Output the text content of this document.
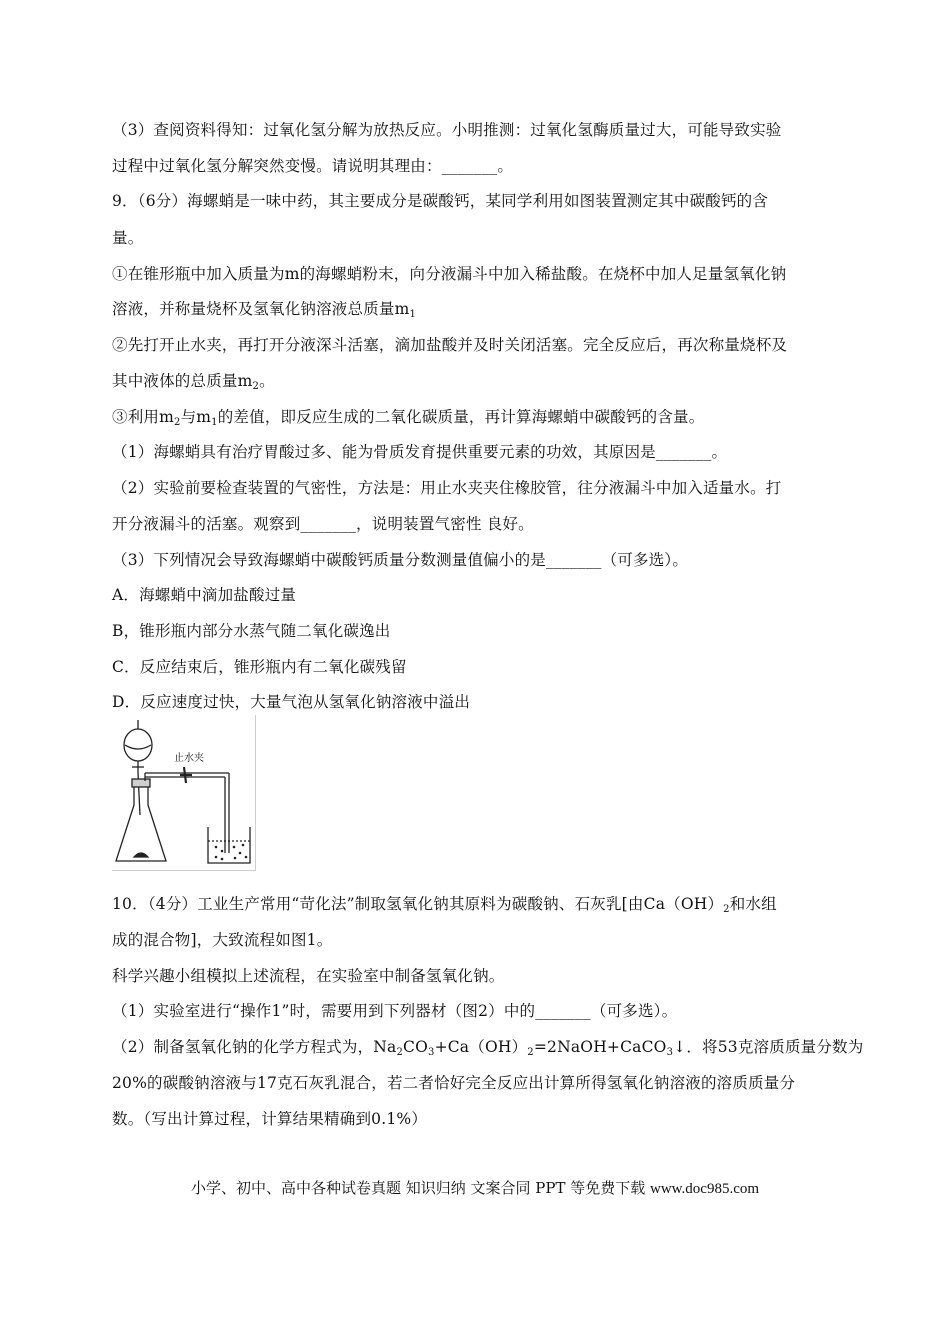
（3）查阅资料得知：过氧化氢分解为放热反应。小明推测：过氧化氢酶质量过大，可能导致实验
过程中过氧化氢分解突然变慢。请说明其理由：_______。
9．（6分）海螺蛸是一味中药，其主要成分是碳酸钙，某同学利用如图装置测定其中碳酸钙的含
量。
①在锥形瓶中加入质量为m的海螺蛸粉末，向分液漏斗中加入稀盐酸。在烧杯中加人足量氢氧化钠
溶液，并称量烧杯及氢氧化钠溶液总质量$m_1$
②先打开止水夹，再打开分液深斗活塞，滴加盐酸并及时关闭活塞。完全反应后，再次称量烧杯及
其中液体的总质量$m_2$。
③利用$m_2$与$m_1$的差值，即反应生成的二氧化碳质量，再计算海螺蛸中碳酸钙的含量。
（1）海螺蛸具有治疗胃酸过多、能为骨质发育提供重要元素的功效，其原因是_______。
（2）实验前要检查装置的气密性，方法是：用止水夹夹住橡胶管，往分液漏斗中加入适量水。打
开分液漏斗的活塞。观察到_______，说明装置气密性 良好。
（3）下列情况会导致海螺蛸中碳酸钙质量分数测量值偏小的是_______（可多选）。
A．海螺蛸中滴加盐酸过量
B，锥形瓶内部分水蒸气随二氧化碳逸出
C．反应结束后，锥形瓶内有二氧化碳残留
D．反应速度过快，大量气泡从氢氧化钠溶液中溢出
止水夹
10．（4分）工业生产常用“苛化法”制取氢氧化钠其原料为碳酸钠、石灰乳[由$Ca(OH)_2$和水组
成的混合物]，大致流程如图1。
科学兴趣小组模拟上述流程，在实验室中制备氢氧化钠。
（1）实验室进行“操作1”时，需要用到下列器材（图2）中的_______（可多选）。
（2）制备氢氧化钠的化学方程式为，$Na_2CO_3+Ca(OH)_2=2NaOH+CaCO_3↓$．将53克溶质质量分数为
20%的碳酸钠溶液与17克石灰乳混合，若二者恰好完全反应出计算所得氢氧化钠溶液的溶质质量分
数。（写出计算过程，计算结果精确到0.1%）
小学、初中、高中各种试卷真题 知识归纳 文案合同 PPT 等免费下载 www.doc985.com
